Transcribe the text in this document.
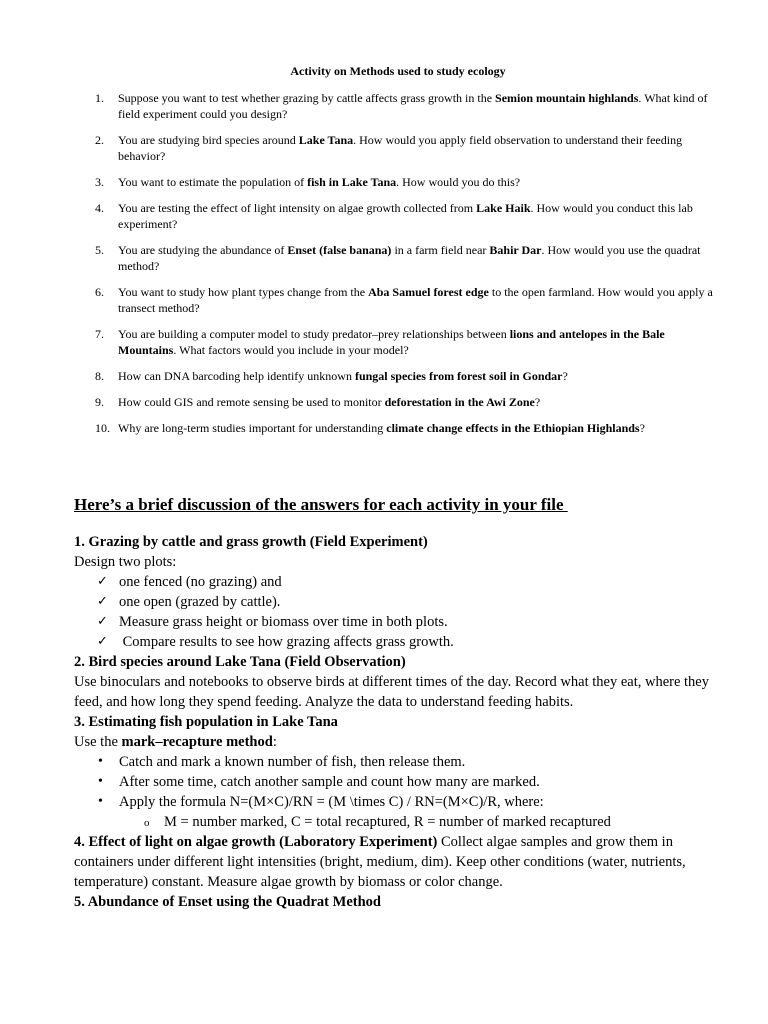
Activity on Methods used to study ecology
1. Suppose you want to test whether grazing by cattle affects grass growth in the Semion mountain highlands. What kind of field experiment could you design?
2. You are studying bird species around Lake Tana. How would you apply field observation to understand their feeding behavior?
3. You want to estimate the population of fish in Lake Tana. How would you do this?
4. You are testing the effect of light intensity on algae growth collected from Lake Haik. How would you conduct this lab experiment?
5. You are studying the abundance of Enset (false banana) in a farm field near Bahir Dar. How would you use the quadrat method?
6. You want to study how plant types change from the Aba Samuel forest edge to the open farmland. How would you apply a transect method?
7. You are building a computer model to study predator–prey relationships between lions and antelopes in the Bale Mountains. What factors would you include in your model?
8. How can DNA barcoding help identify unknown fungal species from forest soil in Gondar?
9. How could GIS and remote sensing be used to monitor deforestation in the Awi Zone?
10. Why are long-term studies important for understanding climate change effects in the Ethiopian Highlands?
Here’s a brief discussion of the answers for each activity in your file

1. Grazing by cattle and grass growth (Field Experiment)

Design two plots:

✓ one fenced (no grazing) and
✓ one open (grazed by cattle).
✓ Measure grass height or biomass over time in both plots.
✓ Compare results to see how grazing affects grass growth.

2. Bird species around Lake Tana (Field Observation)

Use binoculars and notebooks to observe birds at different times of the day. Record what they eat, where they feed, and how long they spend feeding. Analyze the data to understand feeding habits.

3. Estimating fish population in Lake Tana

Use the mark–recapture method:

• Catch and mark a known number of fish, then release them.
• After some time, catch another sample and count how many are marked.
• Apply the formula N=(M×C)/RN = (M \times C) / RN=(M×C)/R, where:

o M = number marked, C = total recaptured, R = number of marked recaptured

4. Effect of light on algae growth (Laboratory Experiment) Collect algae samples and grow them in containers under different light intensities (bright, medium, dim). Keep other conditions (water, nutrients, temperature) constant. Measure algae growth by biomass or color change.

5. Abundance of Enset using the Quadrat Method
